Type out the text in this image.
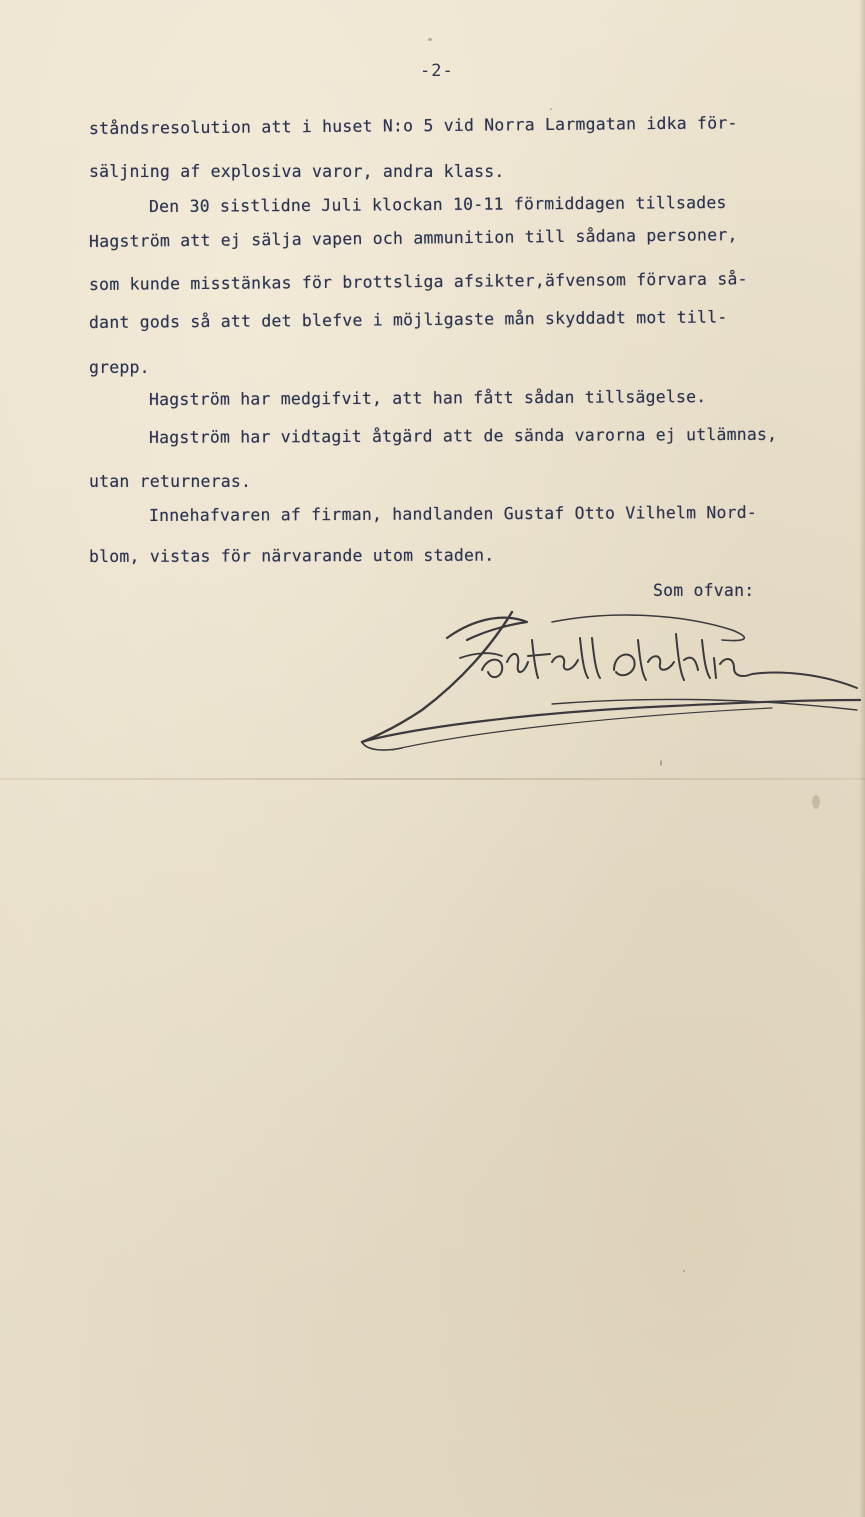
-2-
ståndsresolution att i huset N:o 5 vid Norra Larmgatan idka för-
säljning af explosiva varor, andra klass.
Den 30 sistlidne Juli klockan 10-11 förmiddagen tillsades
Hagström att ej sälja vapen och ammunition till sådana personer,
som kunde misstänkas för brottsliga afsikter,äfvensom förvara så-
dant gods så att det blefve i möjligaste mån skyddadt mot till-
grepp.
Hagström har medgifvit, att han fått sådan tillsägelse.
Hagström har vidtagit åtgärd att de sända varorna ej utlämnas,
utan returneras.
Innehafvaren af firman, handlanden Gustaf Otto Vilhelm Nord-
blom, vistas för närvarande utom staden.
Som ofvan:
